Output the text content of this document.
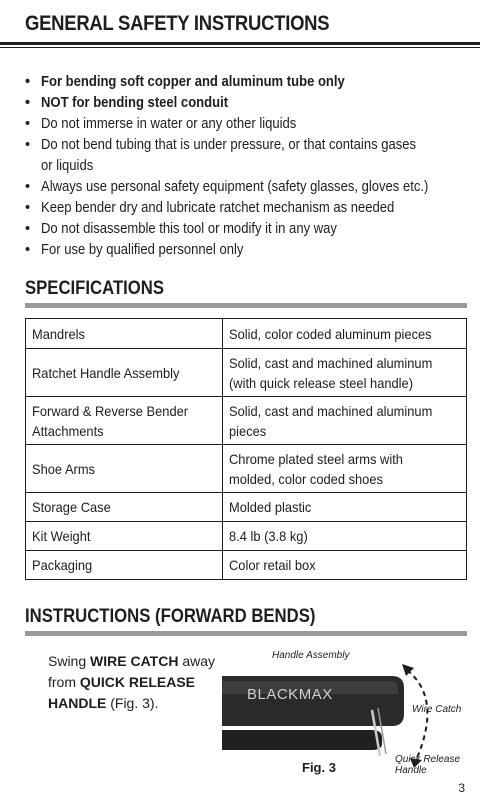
GENERAL SAFETY INSTRUCTIONS
• For bending soft copper and aluminum tube only
• NOT for bending steel conduit
• Do not immerse in water or any other liquids
• Do not bend tubing that is under pressure, or that contains gases or liquids
• Always use personal safety equipment (safety glasses, gloves etc.)
• Keep bender dry and lubricate ratchet mechanism as needed
• Do not disassemble this tool or modify it in any way
• For use by qualified personnel only
SPECIFICATIONS
Mandrels	Solid, color coded aluminum pieces
Ratchet Handle Assembly	Solid, cast and machined aluminum (with quick release steel handle)
Forward & Reverse Bender Attachments	Solid, cast and machined aluminum pieces
Shoe Arms	Chrome plated steel arms with molded, color coded shoes
Storage Case	Molded plastic
Kit Weight	8.4 lb (3.8 kg)
Packaging	Color retail box
INSTRUCTIONS (FORWARD BENDS)
Swing WIRE CATCH away from QUICK RELEASE HANDLE (Fig. 3).	BLACKMAX
Handle Assembly
Wire Catch
Quick Release Handle
Fig. 3
3
